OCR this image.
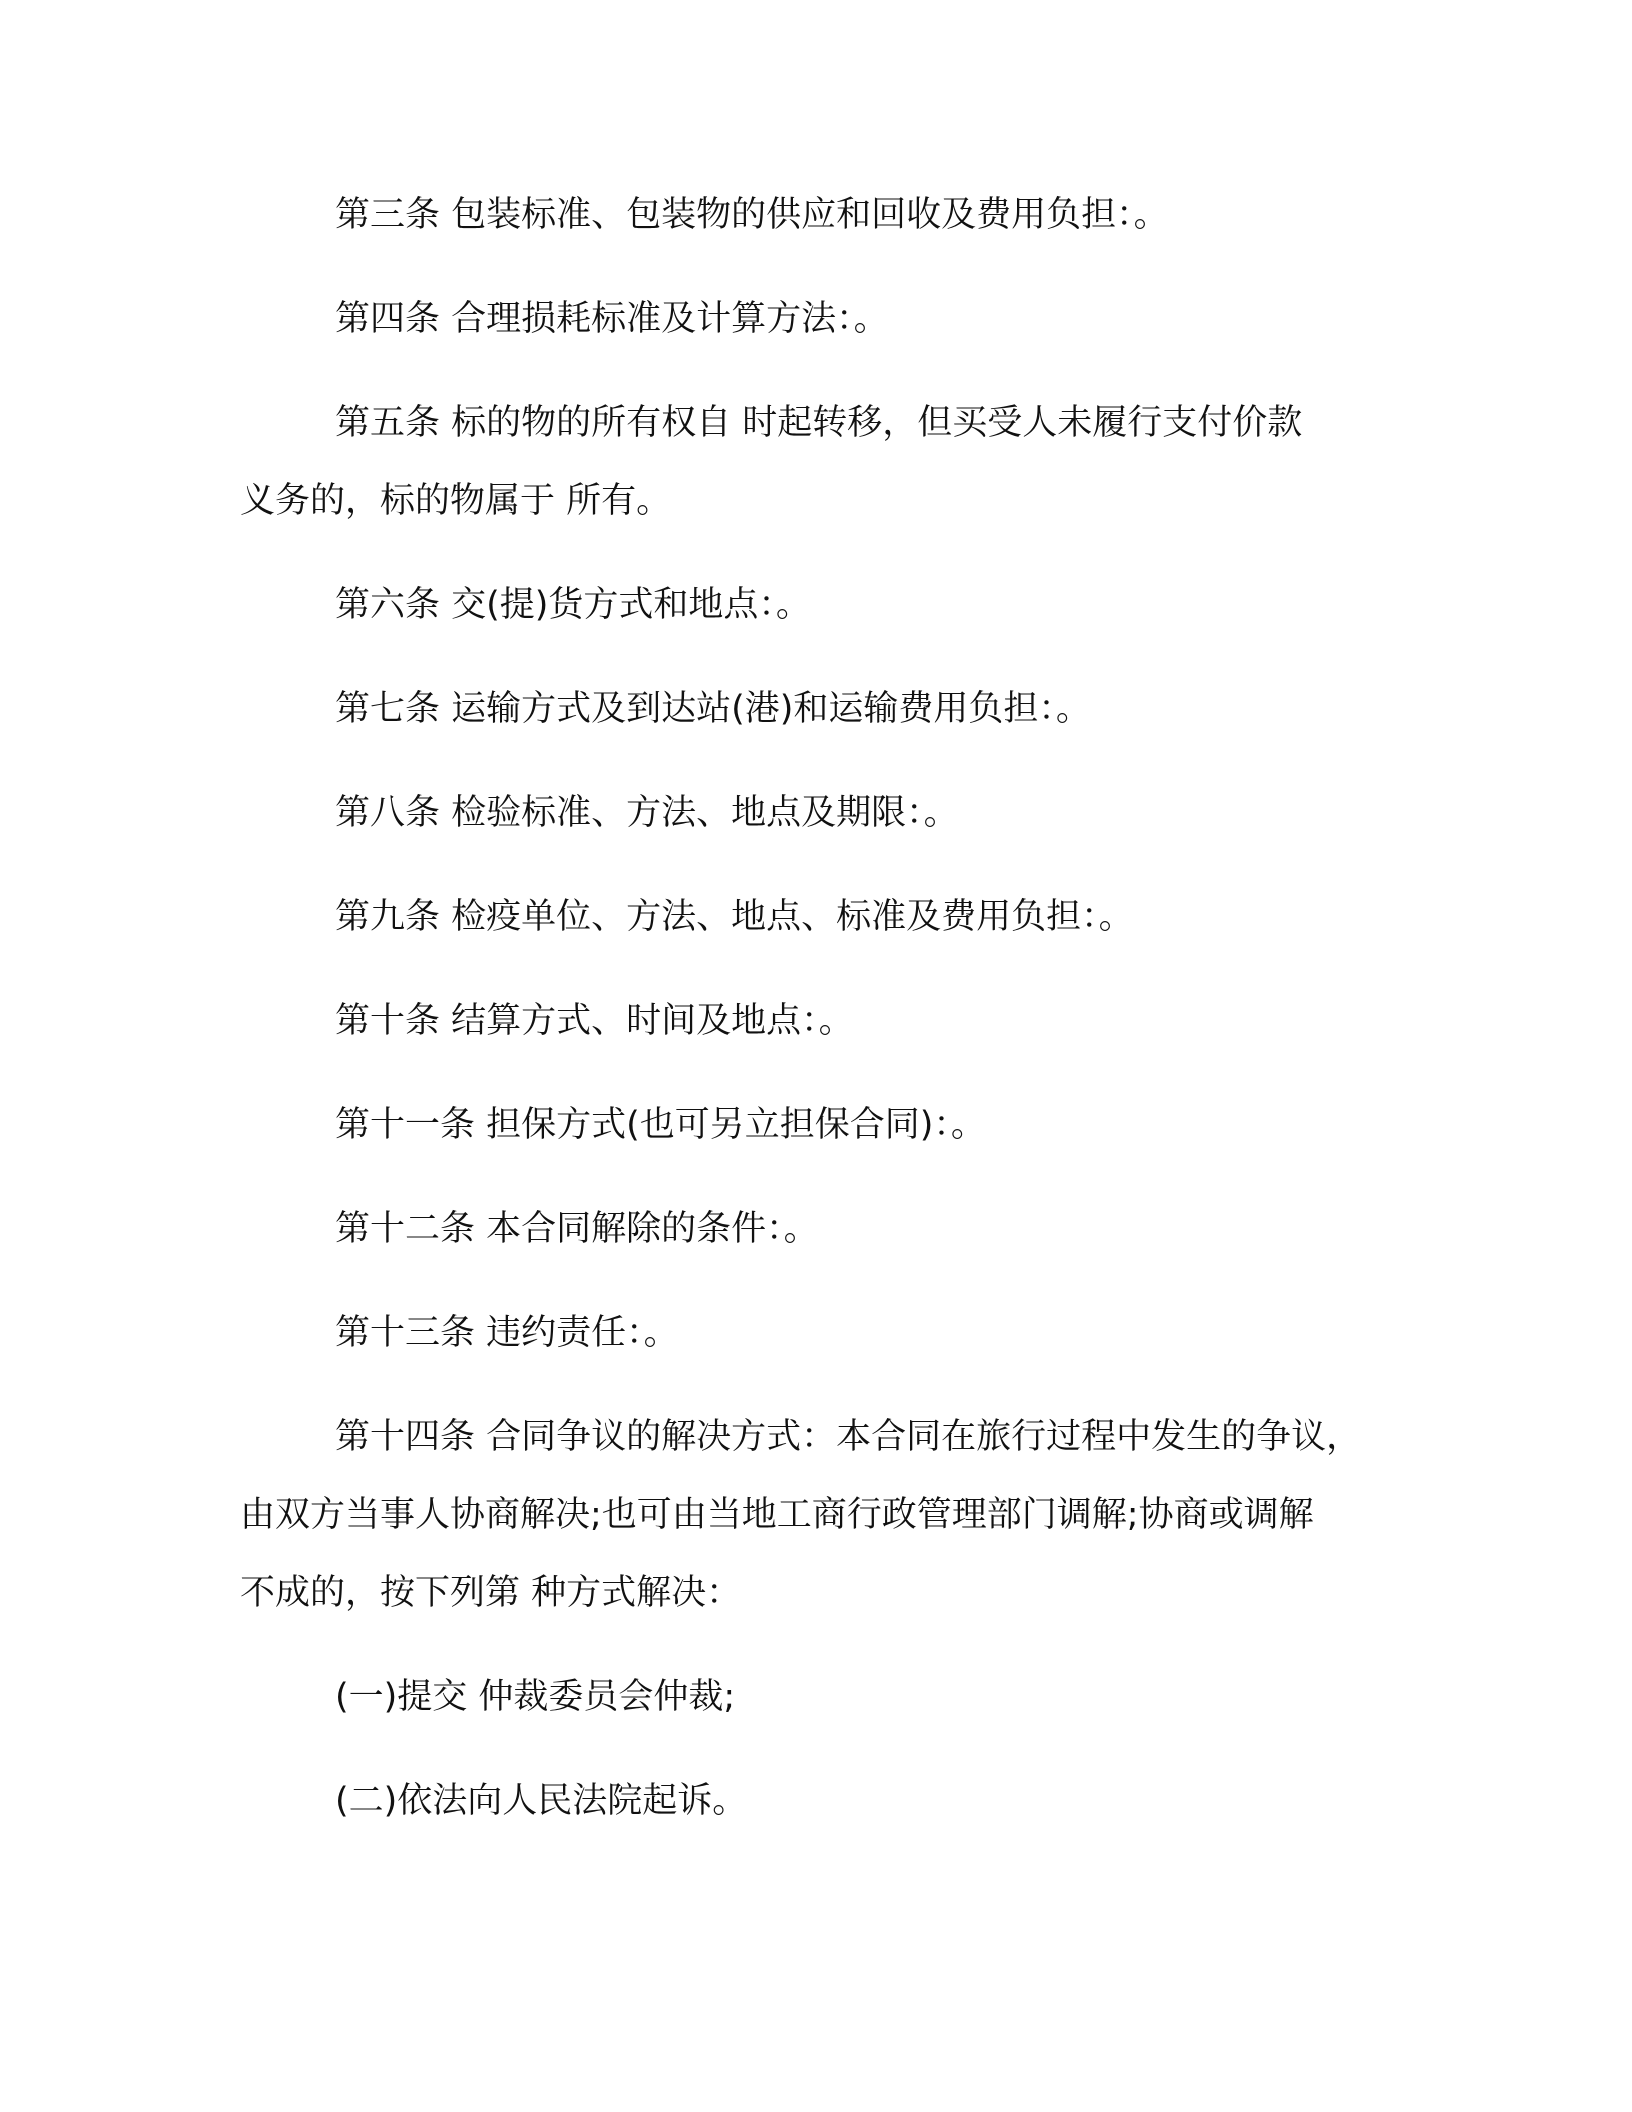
第三条 包装标准、包装物的供应和回收及费用负担：。
第四条 合理损耗标准及计算方法：。
第五条 标的物的所有权自 时起转移，但买受人未履行支付价款
义务的，标的物属于 所有。
第六条 交(提)货方式和地点：。
第七条 运输方式及到达站(港)和运输费用负担：。
第八条 检验标准、方法、地点及期限：。
第九条 检疫单位、方法、地点、标准及费用负担：。
第十条 结算方式、时间及地点：。
第十一条 担保方式(也可另立担保合同)：。
第十二条 本合同解除的条件：。
第十三条 违约责任：。
第十四条 合同争议的解决方式：本合同在旅行过程中发生的争议，
由双方当事人协商解决;也可由当地工商行政管理部门调解;协商或调解
不成的，按下列第 种方式解决：
(一)提交 仲裁委员会仲裁;
(二)依法向人民法院起诉。
